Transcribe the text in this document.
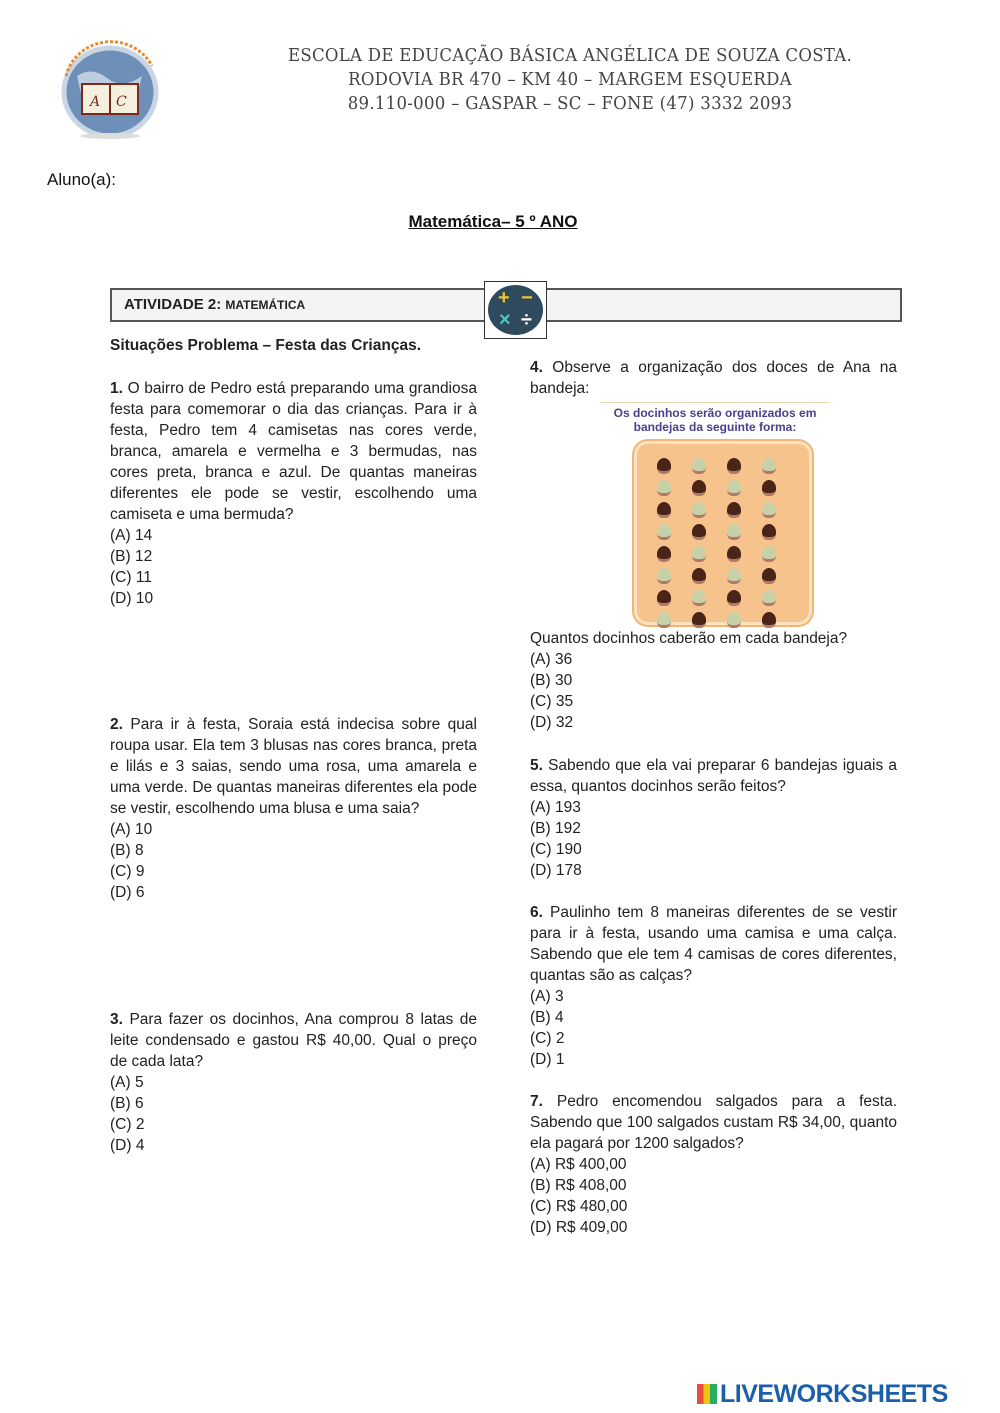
A C
ESCOLA DE EDUCAÇÃO BÁSICA ANGÉLICA DE SOUZA COSTA.
RODOVIA BR 470 – KM 40 – MARGEM ESQUERDA
89.110-000 – GASPAR – SC – FONE (47) 3332 2093
Aluno(a):
Matemática– 5 º ANO
ATIVIDADE 2: MATEMÁTICA	+ −
× ÷
Situações Problema – Festa das Crianças.
1. O bairro de Pedro está preparando uma grandiosa festa para comemorar o dia das crianças. Para ir à festa, Pedro tem 4 camisetas nas cores verde, branca, amarela e vermelha e 3 bermudas, nas cores preta, branca e azul. De quantas maneiras diferentes ele pode se vestir, escolhendo uma camiseta e uma bermuda?
(A) 14
(B) 12
(C) 11
(D) 10
2. Para ir à festa, Soraia está indecisa sobre qual roupa usar. Ela tem 3 blusas nas cores branca, preta e lilás e 3 saias, sendo uma rosa, uma amarela e uma verde. De quantas maneiras diferentes ela pode se vestir, escolhendo uma blusa e uma saia?
(A) 10
(B) 8
(C) 9
(D) 6
3. Para fazer os docinhos, Ana comprou 8 latas de leite condensado e gastou R$ 40,00. Qual o preço de cada lata?
(A) 5
(B) 6
(C) 2
(D) 4
4. Observe a organização dos doces de Ana na bandeja:
Os docinhos serão organizados em bandejas da seguinte forma:
Quantos docinhos caberão em cada bandeja?
(A) 36
(B) 30
(C) 35
(D) 32
5. Sabendo que ela vai preparar 6 bandejas iguais a essa, quantos docinhos serão feitos?
(A) 193
(B) 192
(C) 190
(D) 178
6. Paulinho tem 8 maneiras diferentes de se vestir para ir à festa, usando uma camisa e uma calça. Sabendo que ele tem 4 camisas de cores diferentes, quantas são as calças?
(A) 3
(B) 4
(C) 2
(D) 1
7. Pedro encomendou salgados para a festa. Sabendo que 100 salgados custam R$ 34,00, quanto ela pagará por 1200 salgados?
(A) R$ 400,00
(B) R$ 408,00
(C) R$ 480,00
(D) R$ 409,00
LIVEWORKSHEETS
